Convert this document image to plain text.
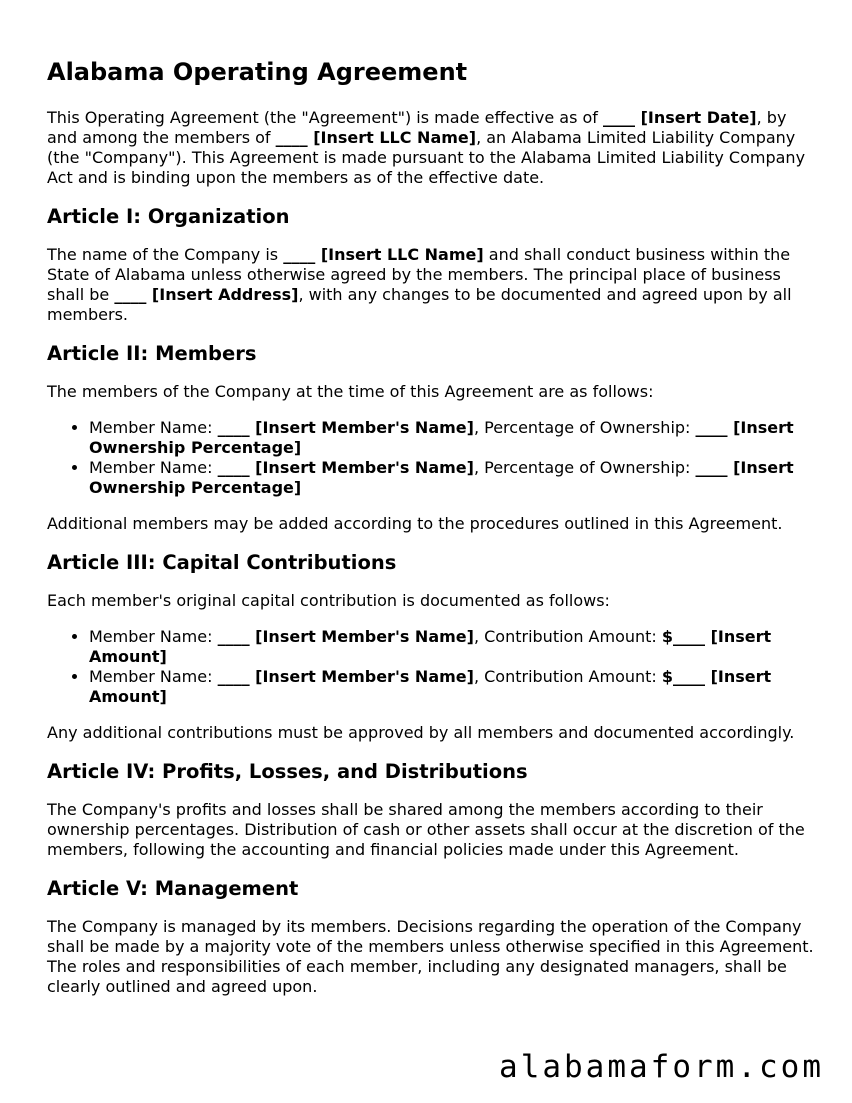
Alabama Operating Agreement

This Operating Agreement (the "Agreement") is made effective as of ____ [Insert Date], by and among the members of ____ [Insert LLC Name], an Alabama Limited Liability Company (the "Company"). This Agreement is made pursuant to the Alabama Limited Liability Company Act and is binding upon the members as of the effective date.

Article I: Organization

The name of the Company is ____ [Insert LLC Name] and shall conduct business within the State of Alabama unless otherwise agreed by the members. The principal place of business shall be ____ [Insert Address], with any changes to be documented and agreed upon by all members.

Article II: Members

The members of the Company at the time of this Agreement are as follows:

• Member Name: ____ [Insert Member's Name], Percentage of Ownership: ____ [Insert Ownership Percentage]
• Member Name: ____ [Insert Member's Name], Percentage of Ownership: ____ [Insert Ownership Percentage]

Additional members may be added according to the procedures outlined in this Agreement.

Article III: Capital Contributions

Each member's original capital contribution is documented as follows:

• Member Name: ____ [Insert Member's Name], Contribution Amount: $____ [Insert Amount]
• Member Name: ____ [Insert Member's Name], Contribution Amount: $____ [Insert Amount]

Any additional contributions must be approved by all members and documented accordingly.

Article IV: Profits, Losses, and Distributions

The Company's profits and losses shall be shared among the members according to their ownership percentages. Distribution of cash or other assets shall occur at the discretion of the members, following the accounting and financial policies made under this Agreement.

Article V: Management

The Company is managed by its members. Decisions regarding the operation of the Company shall be made by a majority vote of the members unless otherwise specified in this Agreement. The roles and responsibilities of each member, including any designated managers, shall be clearly outlined and agreed upon.

alabamaform.com
